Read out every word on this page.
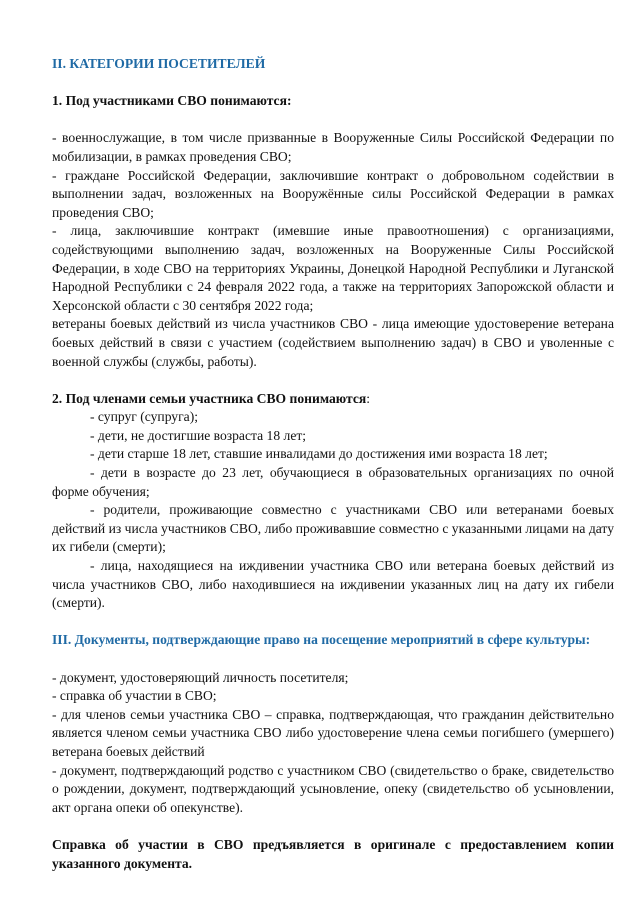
II. КАТЕГОРИИ ПОСЕТИТЕЛЕЙ

1. Под участниками СВО понимаются:

- военнослужащие, в том числе призванные в Вооруженные Силы Российской Федерации по мобилизации, в рамках проведения СВО;

- граждане Российской Федерации, заключившие контракт о добровольном содействии в выполнении задач, возложенных на Вооружённые силы Российской Федерации в рамках проведения СВО;

- лица, заключившие контракт (имевшие иные правоотношения) с организациями, содействующими выполнению задач, возложенных на Вооруженные Силы Российской Федерации, в ходе СВО на территориях Украины, Донецкой Народной Республики и Луганской Народной Республики с 24 февраля 2022 года, а также на территориях Запорожской области и Херсонской области с 30 сентября 2022 года;

ветераны боевых действий из числа участников СВО - лица имеющие удостоверение ветерана боевых действий в связи с участием (содействием выполнению задач) в СВО и уволенные с военной службы (службы, работы).

2. Под членами семьи участника СВО понимаются:

- супруг (супруга);

- дети, не достигшие возраста 18 лет;

- дети старше 18 лет, ставшие инвалидами до достижения ими возраста 18 лет;

- дети в возрасте до 23 лет, обучающиеся в образовательных организациях по очной форме обучения;

- родители, проживающие совместно с участниками СВО или ветеранами боевых действий из числа участников СВО, либо проживавшие совместно с указанными лицами на дату их гибели (смерти);

- лица, находящиеся на иждивении участника СВО или ветерана боевых действий из числа участников СВО, либо находившиеся на иждивении указанных лиц на дату их гибели (смерти).

III. Документы, подтверждающие право на посещение мероприятий в сфере культуры:

- документ, удостоверяющий личность посетителя;

- справка об участии в СВО;

- для членов семьи участника СВО – справка, подтверждающая, что гражданин действительно является членом семьи участника СВО либо удостоверение члена семьи погибшего (умершего) ветерана боевых действий

- документ, подтверждающий родство с участником СВО (свидетельство о браке, свидетельство о рождении, документ, подтверждающий усыновление, опеку (свидетельство об усыновлении, акт органа опеки об опекунстве).

Справка об участии в СВО предъявляется в оригинале с предоставлением копии указанного документа.
